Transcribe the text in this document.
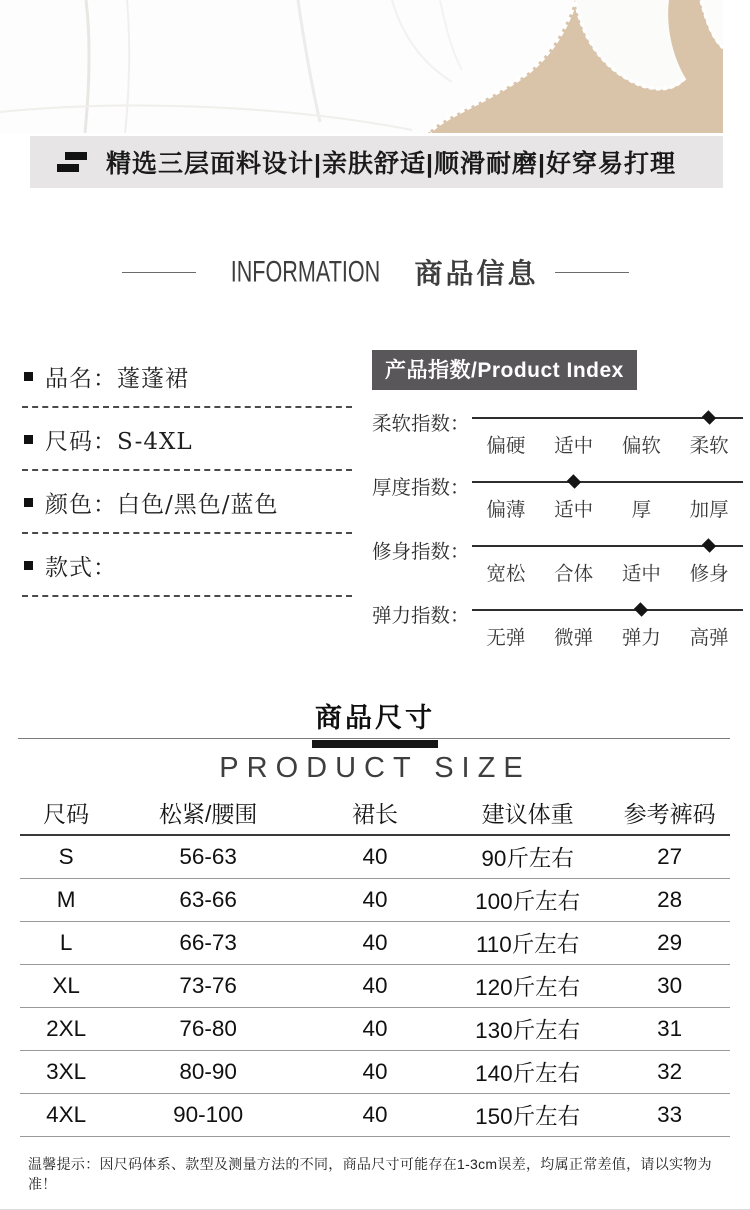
精选三层面料设计|亲肤舒适|顺滑耐磨|好穿易打理
INFORMATION 商品信息
品名：蓬蓬裙
尺码：S-4XL
颜色：白色/黑色/蓝色
款式：
产品指数/Product Index
柔软指数：
偏硬	适中	偏软	柔软
厚度指数：
偏薄	适中	厚	加厚
修身指数：
宽松	合体	适中	修身
弹力指数：
无弹	微弹	弹力	高弹
商品尺寸
PRODUCT SIZE
尺码	松紧/腰围	裙长	建议体重	参考裤码
S	56-63	40	90斤左右	27
M	63-66	40	100斤左右	28
L	66-73	40	110斤左右	29
XL	73-76	40	120斤左右	30
2XL	76-80	40	130斤左右	31
3XL	80-90	40	140斤左右	32
4XL	90-100	40	150斤左右	33
温馨提示：因尺码体系、款型及测量方法的不同，商品尺寸可能存在1-3cm误差，均属正常差值，请以实物为准！
